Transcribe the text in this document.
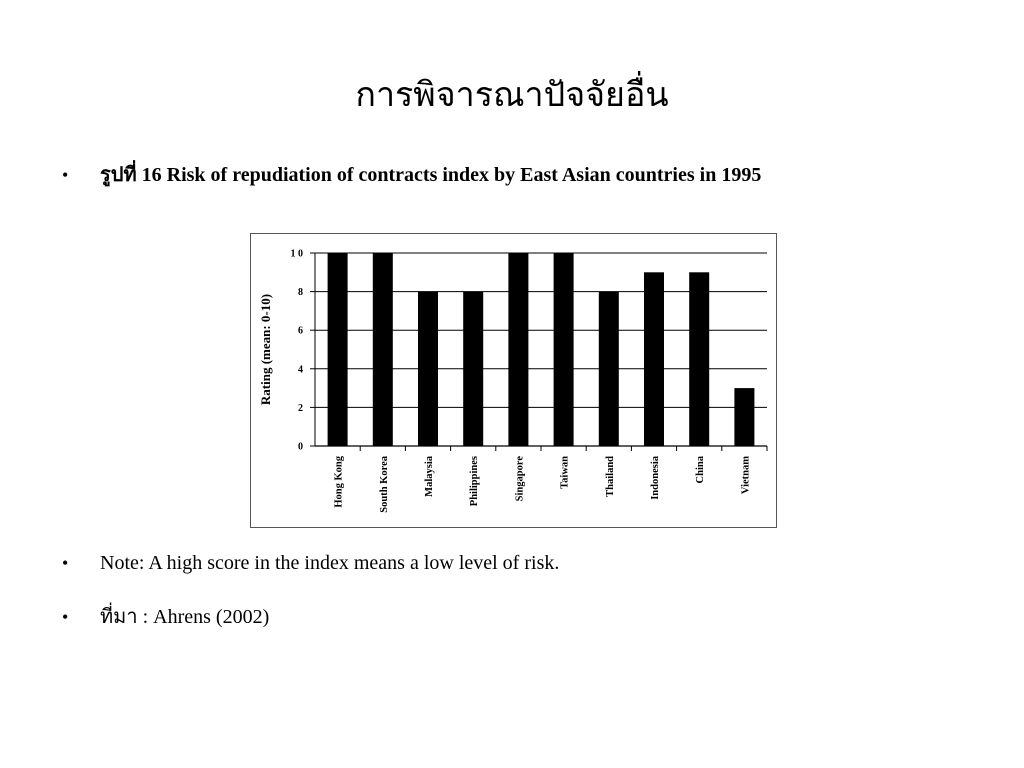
การพิจารณาปัจจัยอื่น
•	รูปที่ 16 Risk of repudiation of contracts index by East Asian countries in 1995
0
2
4
6
8
1 0
Rating (mean: 0-10)
Hong Kong	South Korea	Malaysia	Philippines	Singapore	Taiwan	Thailand	Indonesia	China	Vietnam
•	Note: A high score in the index means a low level of risk.
•	ที่มา : Ahrens (2002)
